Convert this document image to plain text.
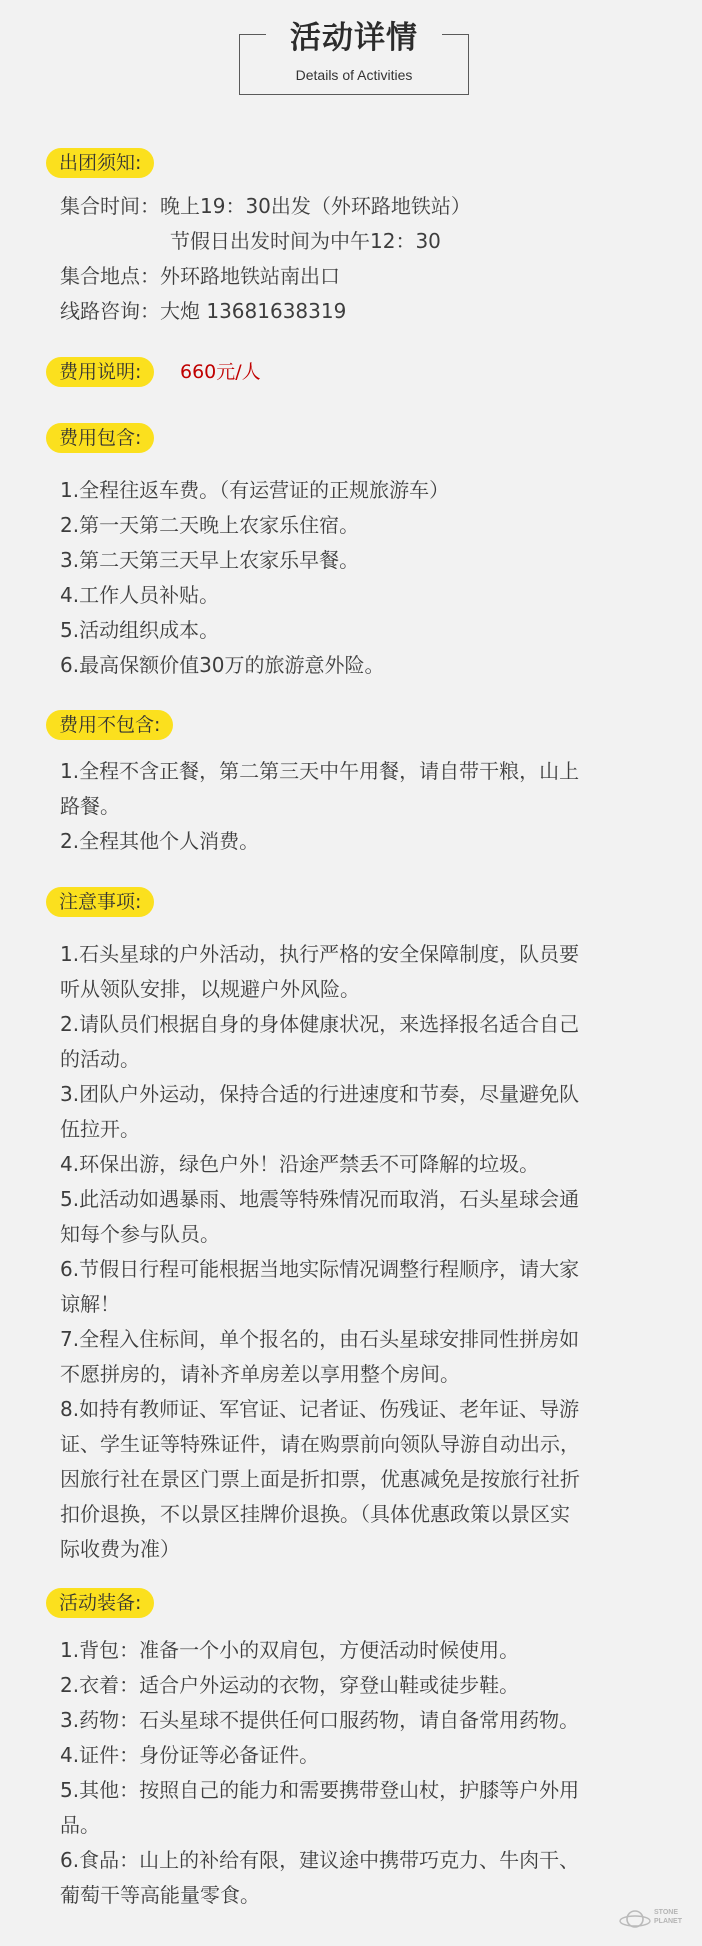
活动详情
Details of Activities
出团须知:
集合时间：晚上19：30出发（外环路地铁站）
节假日出发时间为中午12：30
集合地点：外环路地铁站南出口
线路咨询：大炮 13681638319
费用说明:	660元/人
费用包含:
1.全程往返车费。（有运营证的正规旅游车）
2.第一天第二天晚上农家乐住宿。
3.第二天第三天早上农家乐早餐。
4.工作人员补贴。
5.活动组织成本。
6.最高保额价值30万的旅游意外险。
费用不包含:
1.全程不含正餐，第二第三天中午用餐，请自带干粮，山上
路餐。
2.全程其他个人消费。
注意事项:
1.石头星球的户外活动，执行严格的安全保障制度，队员要
听从领队安排，以规避户外风险。
2.请队员们根据自身的身体健康状况，来选择报名适合自己
的活动。
3.团队户外运动，保持合适的行进速度和节奏，尽量避免队
伍拉开。
4.环保出游，绿色户外！沿途严禁丢不可降解的垃圾。
5.此活动如遇暴雨、地震等特殊情况而取消，石头星球会通
知每个参与队员。
6.节假日行程可能根据当地实际情况调整行程顺序，请大家
谅解！
7.全程入住标间，单个报名的，由石头星球安排同性拼房如
不愿拼房的，请补齐单房差以享用整个房间。
8.如持有教师证、军官证、记者证、伤残证、老年证、导游
证、学生证等特殊证件，请在购票前向领队导游自动出示，
因旅行社在景区门票上面是折扣票，优惠减免是按旅行社折
扣价退换，不以景区挂牌价退换。（具体优惠政策以景区实
际收费为准）
活动装备:
1.背包：准备一个小的双肩包，方便活动时候使用。
2.衣着：适合户外运动的衣物，穿登山鞋或徒步鞋。
3.药物：石头星球不提供任何口服药物，请自备常用药物。
4.证件：身份证等必备证件。
5.其他：按照自己的能力和需要携带登山杖，护膝等户外用
品。
6.食品：山上的补给有限，建议途中携带巧克力、牛肉干、
葡萄干等高能量零食。
STONE
PLANET
